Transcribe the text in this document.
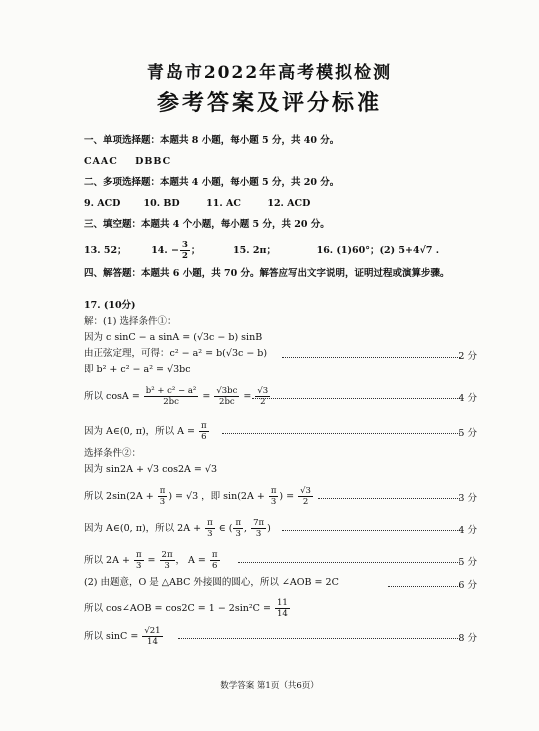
青岛市2022年高考模拟检测
参考答案及评分标准
一、单项选择题：本题共 8 小题，每小题 5 分，共 40 分。
CAAC    DBBC
二、多项选择题：本题共 4 小题，每小题 5 分，共 20 分。
9. ACD       10. BD        11. AC        12. ACD
三、填空题：本题共 4 个小题，每小题 5 分，共 20 分。
13. 52；	14. − $\frac{3}{2}$ ；	15. 2π；	16. (1)60°；(2) 5+4√7 .
四、解答题：本题共 6 小题，共 70 分。解答应写出文字说明，证明过程或演算步骤。
17. (10分)
解：(1) 选择条件①：
因为 c sinC − a sinA = (√3c − b) sinB
由正弦定理，可得：c² − a² = b(√3c − b)	2 分
即 b² + c² − a² = √3bc
所以 $\cos A = \frac{\text{b² + c² − a²}}{2bc} = \frac{√3bc}{2bc} = \frac{√3}{2}$	4 分
因为 A∈(0, π)，所以 $A = \frac{\pi}{6}$	5 分
选择条件②：
因为 sin2A + √3 cos2A = √3
所以 $2\sin(2A + \frac{\pi}{3}$ ) = √3 ，即 $\sin(2A + \frac{\pi}{3}$ ) = $\frac{√3}{2}$	3 分
因为 A∈(0, π)，所以 $2A + \frac{\pi}{3}$ ∈ ( $\frac{\pi}{3}$ , $\frac{7\pi}{3}$ )	4 分
所以 $2A + \frac{\pi}{3} = \frac{2\pi}{3}$ ， $A = \frac{\pi}{6}$	5 分
(2) 由题意，O 是 △ABC 外接圆的圆心，所以 ∠AOB = 2C	6 分
所以 cos∠AOB = $\cos 2C = 1 - 2\sin^2C = \frac{11}{14}$
所以 $\sin C = \frac{√21}{14}$	8 分
数学答案 第1页（共6页）
